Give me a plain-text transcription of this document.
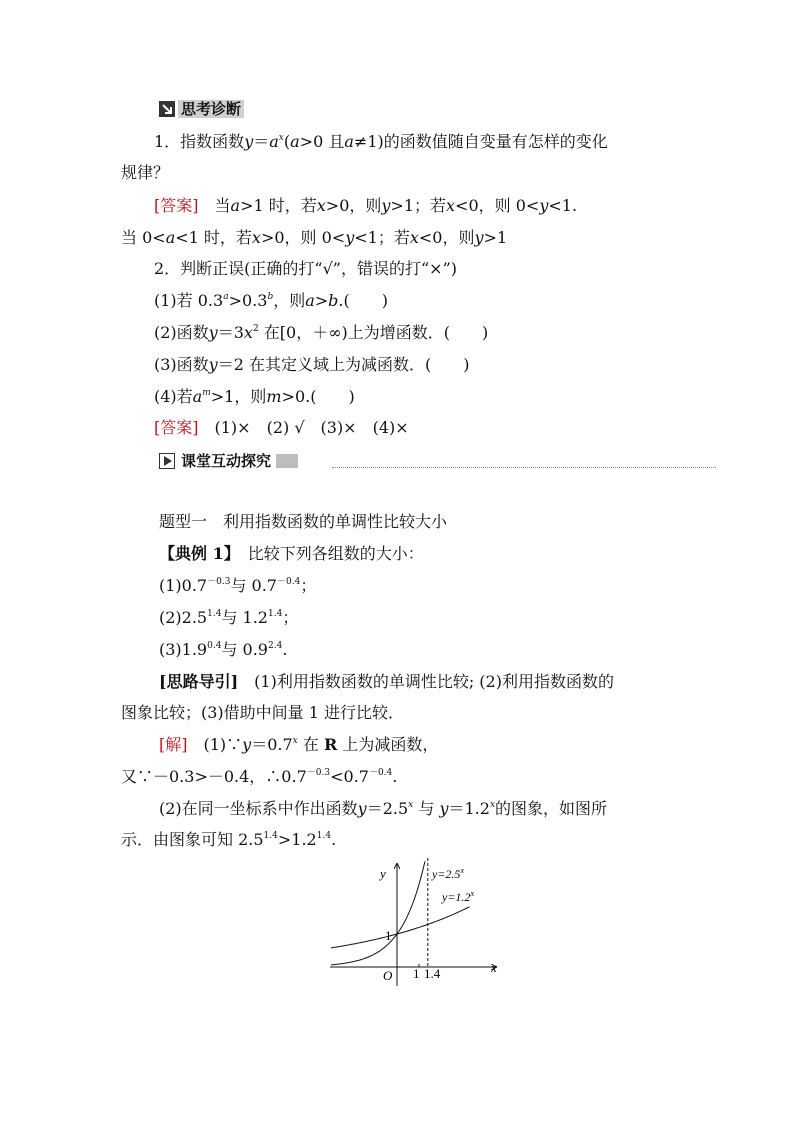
思考诊断
1．指数函数$y=a^x(a>0$ 且a≠1)的函数值随自变量有怎样的变化
规律？
[答案]　当a>1 时，若x>0，则y>1；若x<0，则 0<y<1.
当 0<a<1 时，若x>0，则 0<y<1；若x<0，则y>1
2．判断正误(正确的打“√”，错误的打“×”)
(1)若 0.3$^a$>0.3$^b$，则a>b.(　　)
(2)函数$y=3x^2$ 在[0，＋∞)上为增函数．(　　)
(3)函数y＝2 在其定义域上为减函数．(　　)
(4)若$a^m>1$，则m>0.(　　)
[答案]　(1)×　(2) √　(3)×　(4)×
课堂互动探究
题型一　利用指数函数的单调性比较大小
【典例 1】　比较下列各组数的大小：
$(1)0.7^{-0.3}$与 $0.7^{-0.4}$；
$(2)2.5^{1.4}$与 $1.2^{1.4}$；
$(3)1.9^{0.4}$与 $0.9^{2.4}$.
[思路导引]　(1)利用指数函数的单调性比较; (2)利用指数函数的
图象比较；(3)借助中间量 1 进行比较．
[解]　$(1)\because y=0.7^x$ 在 R 上为减函数，
又∵－0.3>－0.4，$\therefore 0.7^{-0.3}<0.7^{-0.4}$.
(2)在同一坐标系中作出函数$y=2.5^x$ 与 $y=1.2^x$的图象，如图所
示．由图象可知 $2.5^{1.4}>1.2^{1.4}$.
y
x
O
1
1 1.4
$y=2.5^x$
$y=1.2^x$
